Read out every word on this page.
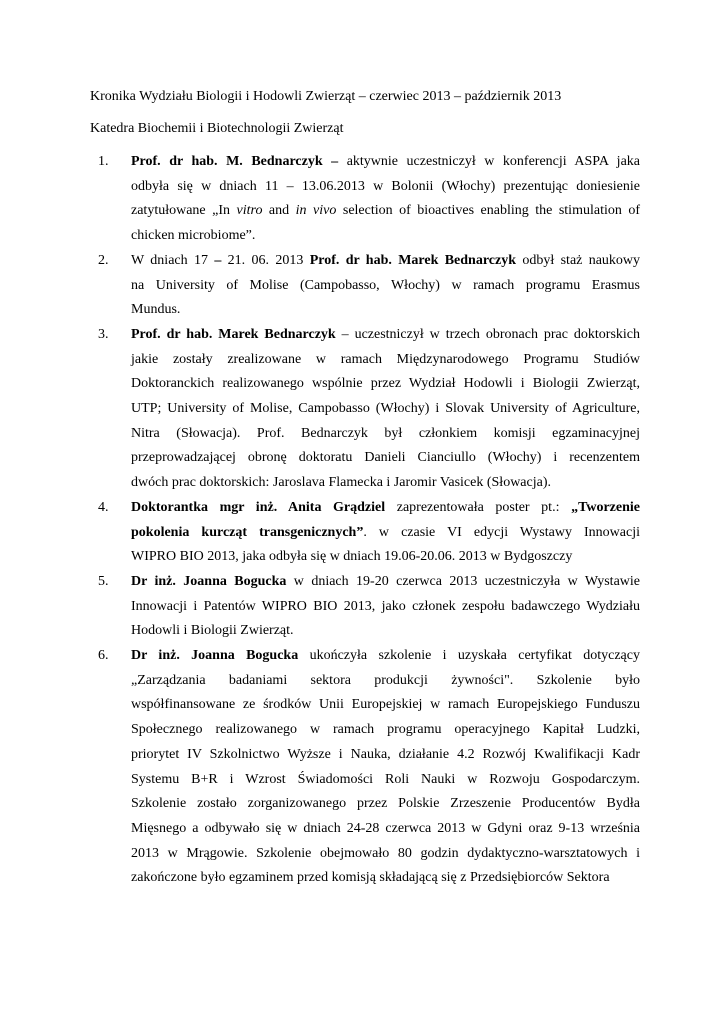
Kronika Wydziału Biologii i Hodowli Zwierząt – czerwiec 2013 – październik 2013
Katedra Biochemii i Biotechnologii Zwierząt
1. Prof. dr hab. M. Bednarczyk – aktywnie uczestniczył w konferencji ASPA jaka
odbyła się w dniach 11 – 13.06.2013 w Bolonii (Włochy) prezentując doniesienie
zatytułowane „In vitro and in vivo selection of bioactives enabling the stimulation of
chicken microbiome”.
2. W dniach 17 – 21. 06. 2013 Prof. dr hab. Marek Bednarczyk odbył staż naukowy
na University of Molise (Campobasso, Włochy) w ramach programu Erasmus
Mundus.
3. Prof. dr hab. Marek Bednarczyk – uczestniczył w trzech obronach prac doktorskich
jakie zostały zrealizowane w ramach Międzynarodowego Programu Studiów
Doktoranckich realizowanego wspólnie przez Wydział Hodowli i Biologii Zwierząt,
UTP; University of Molise, Campobasso (Włochy) i Slovak University of Agriculture,
Nitra (Słowacja). Prof. Bednarczyk był członkiem komisji egzaminacyjnej
przeprowadzającej obronę doktoratu Danieli Cianciullo (Włochy) i recenzentem
dwóch prac doktorskich: Jaroslava Flamecka i Jaromir Vasicek (Słowacja).
4. Doktorantka mgr inż. Anita Grądziel zaprezentowała poster pt.: „Tworzenie
pokolenia kurcząt transgenicznych”. w czasie VI edycji Wystawy Innowacji
WIPRO BIO 2013, jaka odbyła się w dniach 19.06-20.06. 2013 w Bydgoszczy
5. Dr inż. Joanna Bogucka w dniach 19-20 czerwca 2013 uczestniczyła w Wystawie
Innowacji i Patentów WIPRO BIO 2013, jako członek zespołu badawczego Wydziału
Hodowli i Biologii Zwierząt.
6. Dr inż. Joanna Bogucka ukończyła szkolenie i uzyskała certyfikat dotyczący
„Zarządzania badaniami sektora produkcji żywności". Szkolenie było
współfinansowane ze środków Unii Europejskiej w ramach Europejskiego Funduszu
Społecznego realizowanego w ramach programu operacyjnego Kapitał Ludzki,
priorytet IV Szkolnictwo Wyższe i Nauka, działanie 4.2 Rozwój Kwalifikacji Kadr
Systemu B+R i Wzrost Świadomości Roli Nauki w Rozwoju Gospodarczym.
Szkolenie zostało zorganizowanego przez Polskie Zrzeszenie Producentów Bydła
Mięsnego a odbywało się w dniach 24-28 czerwca 2013 w Gdyni oraz 9-13 września
2013 w Mrągowie. Szkolenie obejmowało 80 godzin dydaktyczno-warsztatowych i
zakończone było egzaminem przed komisją składającą się z Przedsiębiorców Sektora
